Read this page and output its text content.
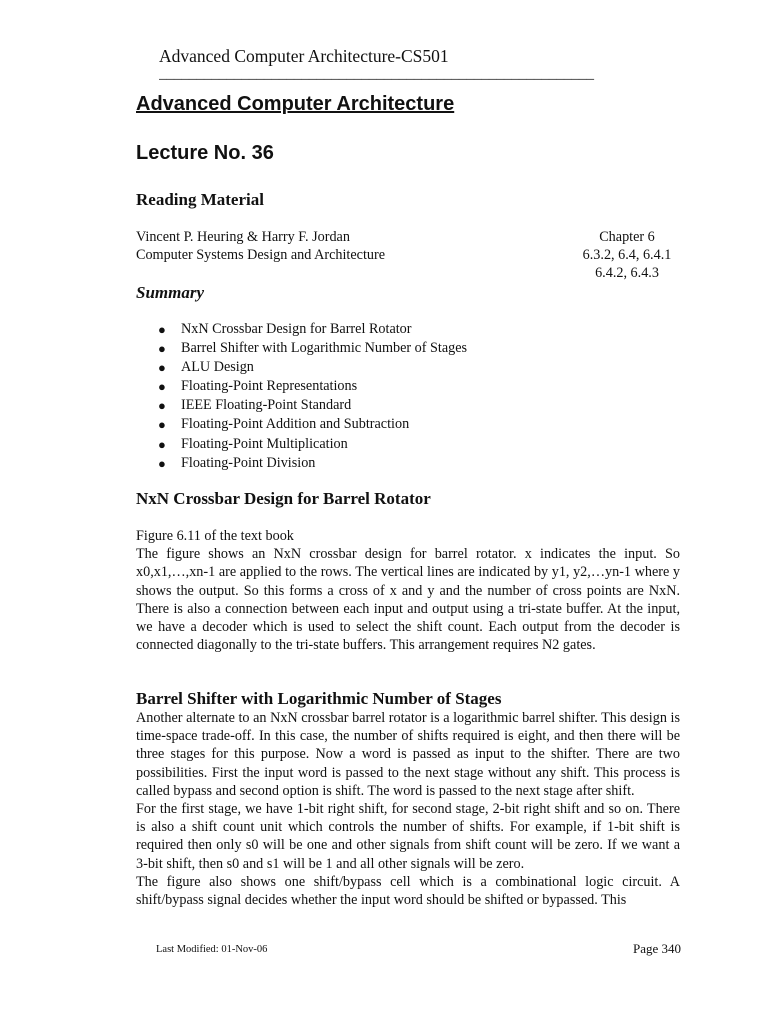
Advanced Computer Architecture-CS501
__________________________________________________________
Advanced Computer Architecture
Lecture No. 36
Reading Material
Vincent P. Heuring & Harry F. Jordan
Computer Systems Design and Architecture
Chapter 6
6.3.2, 6.4, 6.4.1
6.4.2, 6.4.3
Summary
● NxN Crossbar Design for Barrel Rotator
● Barrel Shifter with Logarithmic Number of Stages
● ALU Design
● Floating-Point Representations
● IEEE Floating-Point Standard
● Floating-Point Addition and Subtraction
● Floating-Point Multiplication
● Floating-Point Division
NxN Crossbar Design for Barrel Rotator
Figure 6.11 of the text book
The figure shows an NxN crossbar design for barrel rotator. x indicates the input. So x0,x1,…,xn-1 are applied to the rows. The vertical lines are indicated by y1, y2,…yn-1 where y shows the output. So this forms a cross of x and y and the number of cross points are NxN. There is also a connection between each input and output using a tri-state buffer. At the input, we have a decoder which is used to select the shift count. Each output from the decoder is connected diagonally to the tri-state buffers. This arrangement requires N2 gates.
Barrel Shifter with Logarithmic Number of Stages
Another alternate to an NxN crossbar barrel rotator is a logarithmic barrel shifter. This design is time-space trade-off. In this case, the number of shifts required is eight, and then there will be three stages for this purpose. Now a word is passed as input to the shifter. There are two possibilities. First the input word is passed to the next stage without any shift. This process is called bypass and second option is shift. The word is passed to the next stage after shift.
For the first stage, we have 1-bit right shift, for second stage, 2-bit right shift and so on. There is also a shift count unit which controls the number of shifts. For example, if 1-bit shift is required then only s0 will be one and other signals from shift count will be zero. If we want a 3-bit shift, then s0 and s1 will be 1 and all other signals will be zero.
The figure also shows one shift/bypass cell which is a combinational logic circuit. A shift/bypass signal decides whether the input word should be shifted or bypassed. This
Last Modified: 01-Nov-06	Page 340
